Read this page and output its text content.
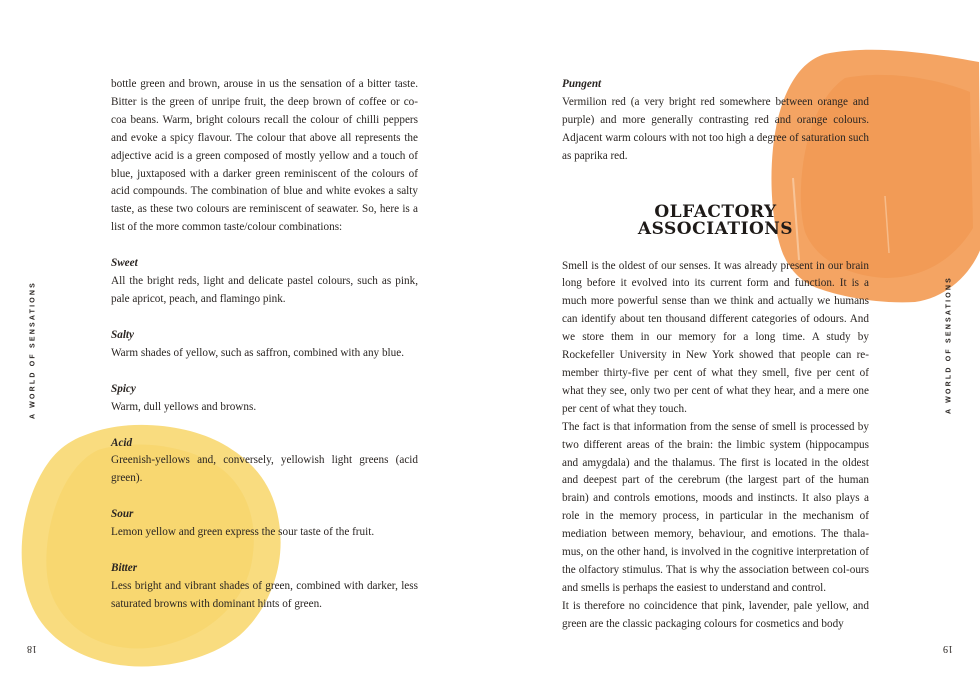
A WORLD OF SENSATIONS	A WORLD OF SENSATIONS
18	19

bottle green and brown, arouse in us the sensation of a bitter taste. Bitter is the green of unripe fruit, the deep brown of coffee or co-coa beans. Warm, bright colours recall the colour of chilli peppers and evoke a spicy flavour. The colour that above all represents the adjective acid is a green composed of mostly yellow and a touch of blue, juxtaposed with a darker green reminiscent of the colours of acid compounds. The combination of blue and white evokes a salty taste, as these two colours are reminiscent of seawater. So, here is a list of the more common taste/colour combinations:

Sweet

All the bright reds, light and delicate pastel colours, such as pink, pale apricot, peach, and flamingo pink.

Salty

Warm shades of yellow, such as saffron, combined with any blue.

Spicy

Warm, dull yellows and browns.

Acid

Greenish-yellows and, conversely, yellowish light greens (acid green).

Sour

Lemon yellow and green express the sour taste of the fruit.

Bitter

Less bright and vibrant shades of green, combined with darker, less saturated browns with dominant hints of green.

Pungent

Vermilion red (a very bright red somewhere between orange and purple) and more generally contrasting red and orange colours. Adjacent warm colours with not too high a degree of saturation such as paprika red.

OLFACTORY
ASSOCIATIONS

Smell is the oldest of our senses. It was already present in our brain long before it evolved into its current form and function. It is a much more powerful sense than we think and actually we humans can identify about ten thousand different categories of odours. And we store them in our memory for a long time. A study by Rockefeller University in New York showed that people can re-member thirty-five per cent of what they smell, five per cent of what they see, only two per cent of what they hear, and a mere one per cent of what they touch.

The fact is that information from the sense of smell is processed by two different areas of the brain: the limbic system (hippocampus and amygdala) and the thalamus. The first is located in the oldest and deepest part of the cerebrum (the largest part of the human brain) and controls emotions, moods and instincts. It also plays a role in the memory process, in particular in the mechanism of mediation between memory, behaviour, and emotions. The thala-mus, on the other hand, is involved in the cognitive interpretation of the olfactory stimulus. That is why the association between col-ours and smells is perhaps the easiest to understand and control.

It is therefore no coincidence that pink, lavender, pale yellow, and green are the classic packaging colours for cosmetics and body
